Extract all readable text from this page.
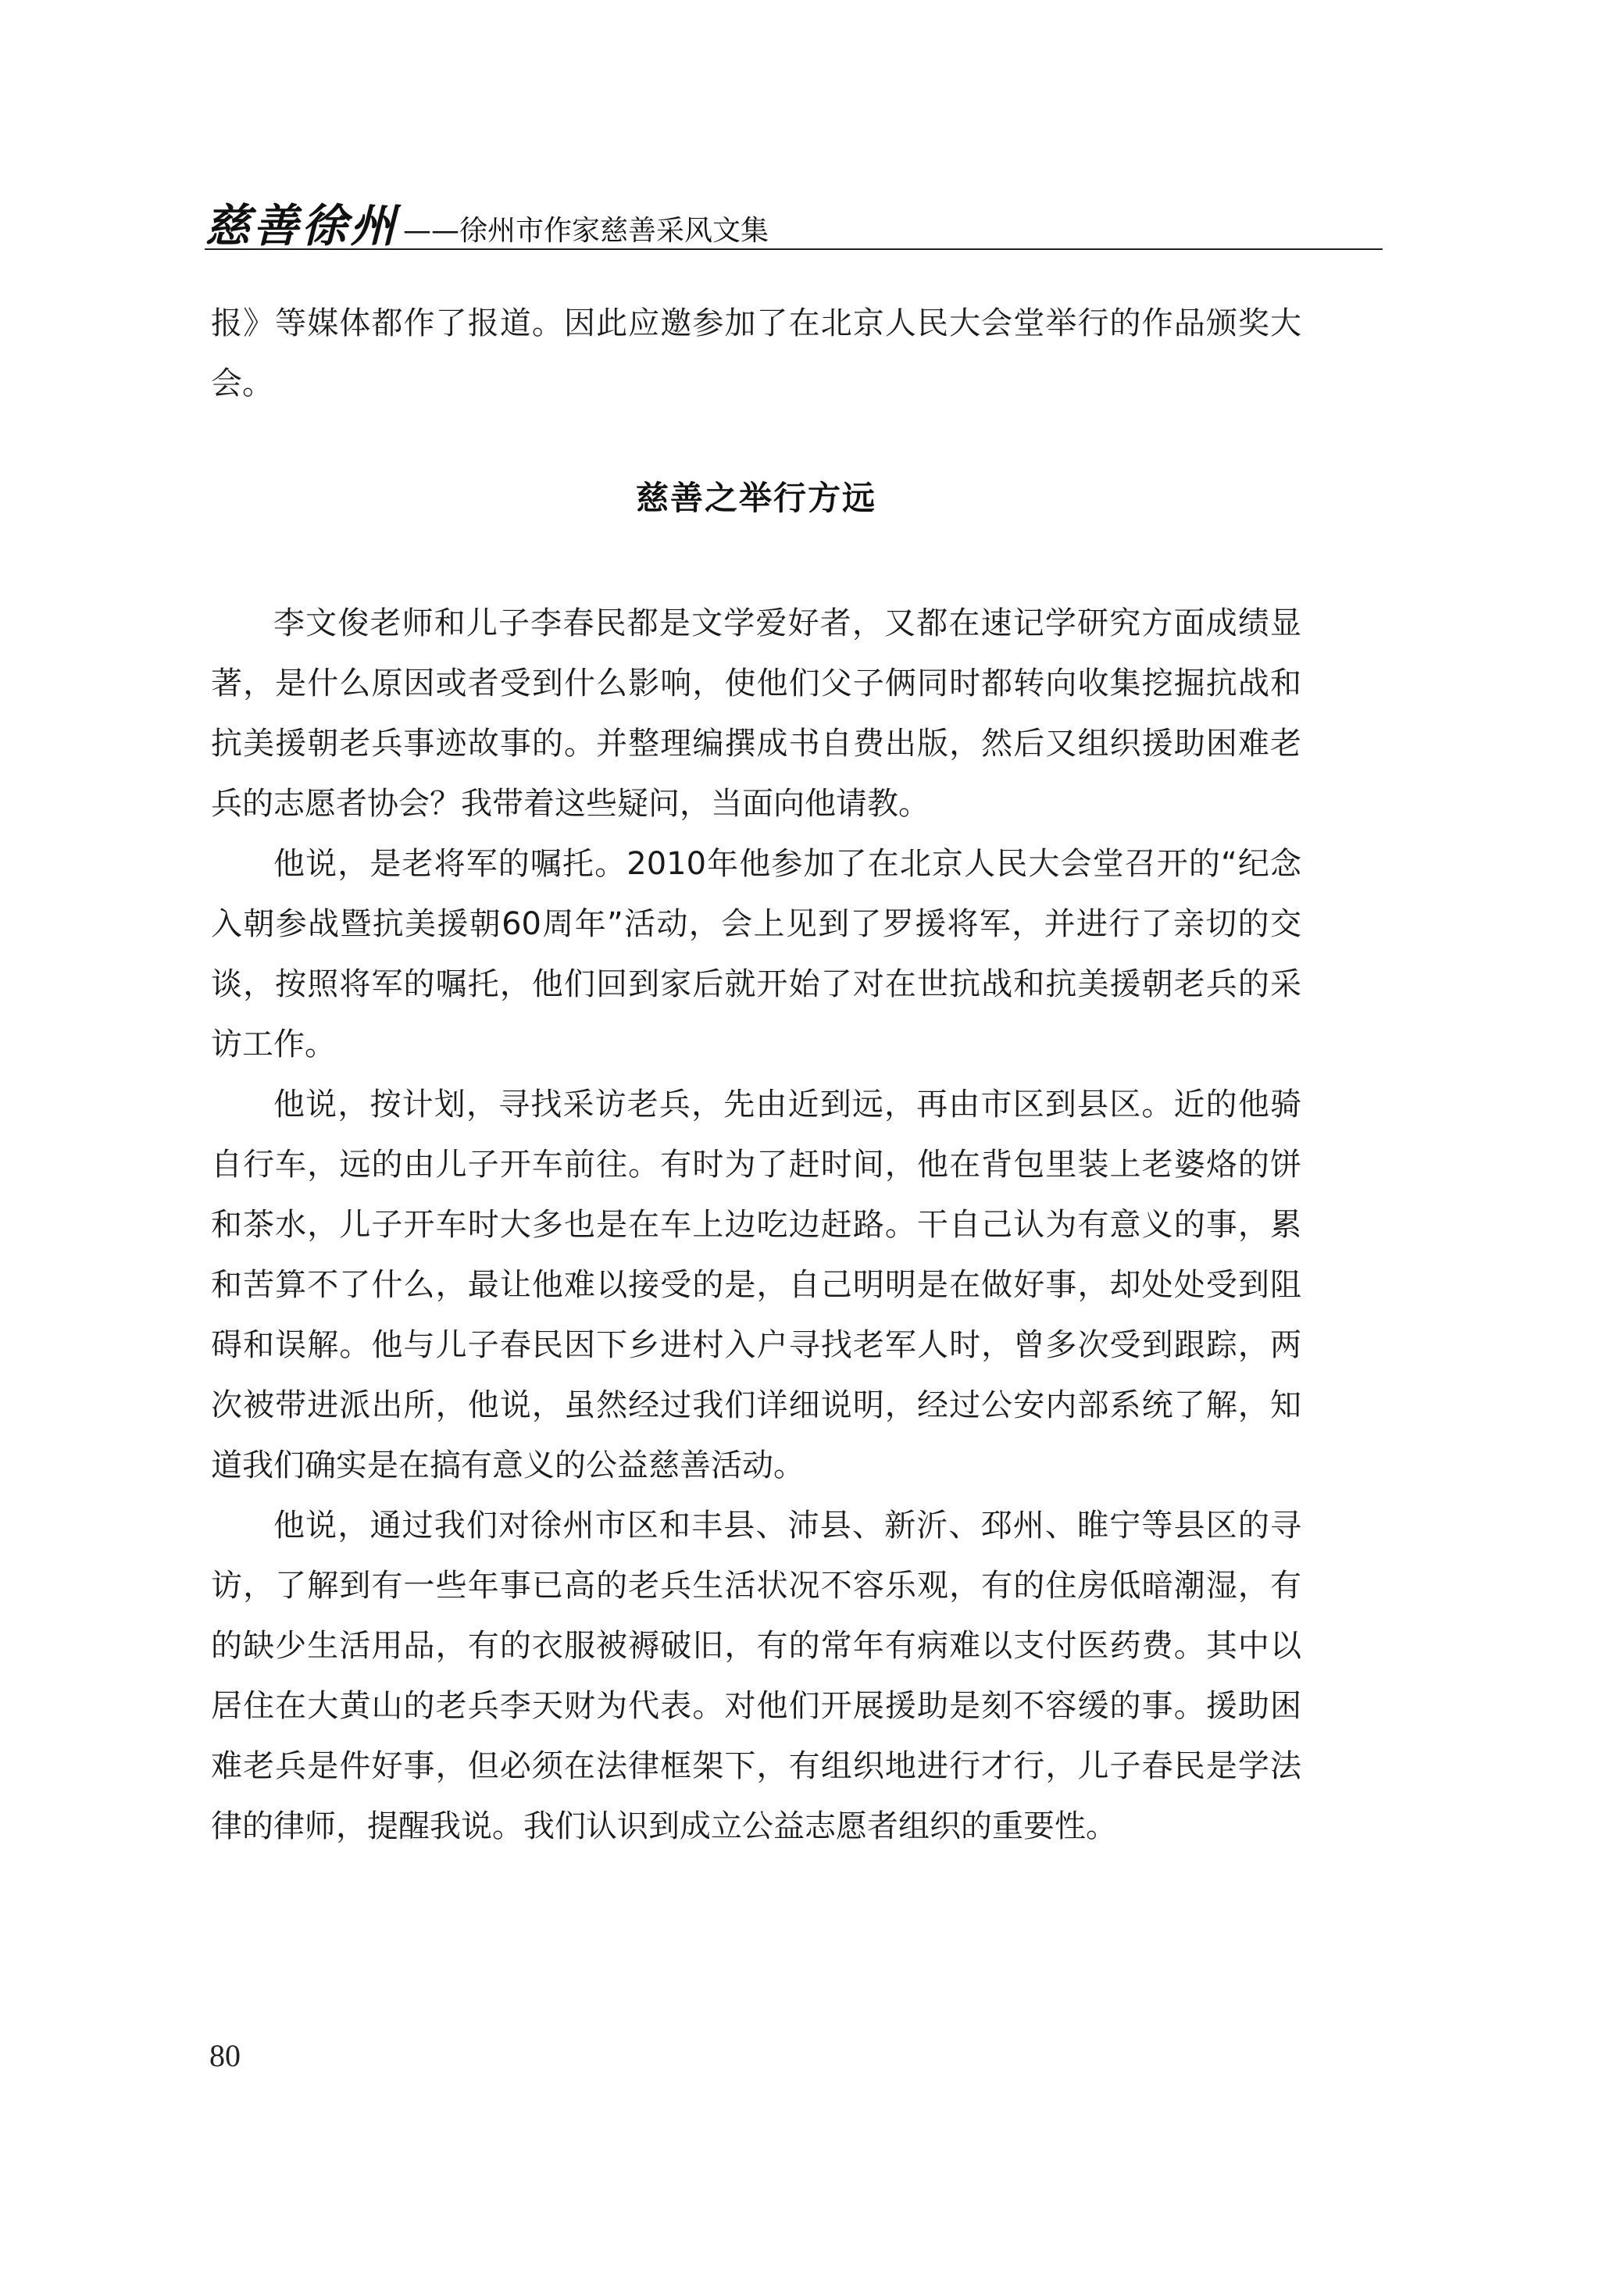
慈善徐州 ——徐州市作家慈善采风文集

报》等媒体都作了报道。因此应邀参加了在北京人民大会堂举行的作品颁奖大会。

慈善之举行方远

李文俊老师和儿子李春民都是文学爱好者，又都在速记学研究方面成绩显著，是什么原因或者受到什么影响，使他们父子俩同时都转向收集挖掘抗战和抗美援朝老兵事迹故事的。并整理编撰成书自费出版，然后又组织援助困难老兵的志愿者协会？我带着这些疑问，当面向他请教。

他说，是老将军的嘱托。2010年他参加了在北京人民大会堂召开的“纪念入朝参战暨抗美援朝60周年”活动，会上见到了罗援将军，并进行了亲切的交谈，按照将军的嘱托，他们回到家后就开始了对在世抗战和抗美援朝老兵的采访工作。

他说，按计划，寻找采访老兵，先由近到远，再由市区到县区。近的他骑自行车，远的由儿子开车前往。有时为了赶时间，他在背包里装上老婆烙的饼和茶水，儿子开车时大多也是在车上边吃边赶路。干自己认为有意义的事，累和苦算不了什么，最让他难以接受的是，自己明明是在做好事，却处处受到阻碍和误解。他与儿子春民因下乡进村入户寻找老军人时，曾多次受到跟踪，两次被带进派出所，他说，虽然经过我们详细说明，经过公安内部系统了解，知道我们确实是在搞有意义的公益慈善活动。

他说，通过我们对徐州市区和丰县、沛县、新沂、邳州、睢宁等县区的寻访，了解到有一些年事已高的老兵生活状况不容乐观，有的住房低暗潮湿，有的缺少生活用品，有的衣服被褥破旧，有的常年有病难以支付医药费。其中以居住在大黄山的老兵李天财为代表。对他们开展援助是刻不容缓的事。援助困难老兵是件好事，但必须在法律框架下，有组织地进行才行，儿子春民是学法律的律师，提醒我说。我们认识到成立公益志愿者组织的重要性。

80
